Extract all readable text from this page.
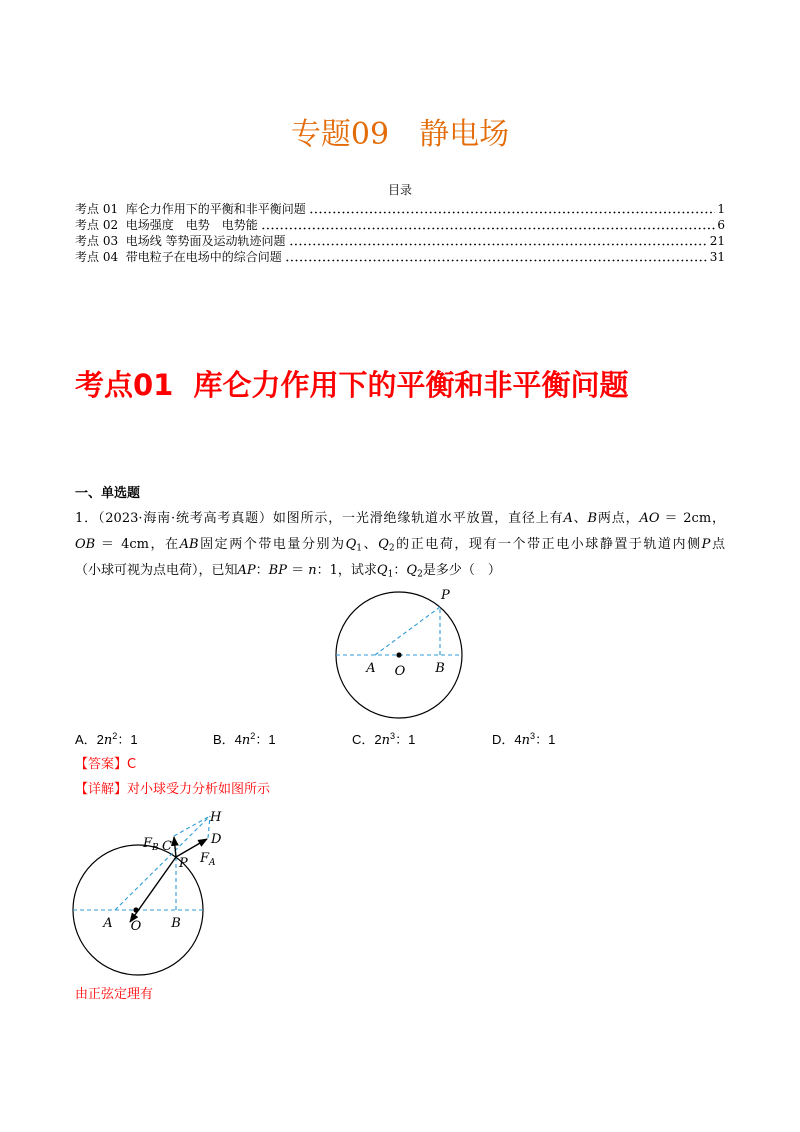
专题09　静电场
目录
考点 01  库仑力作用下的平衡和非平衡问题	1
考点 02  电场强度　电势　电势能	6
考点 03  电场线 等势面及运动轨迹问题	21
考点 04  带电粒子在电场中的综合问题	31
考点01  库仑力作用下的平衡和非平衡问题
一、单选题
1．（2023·海南·统考高考真题）如图所示，一光滑绝缘轨道水平放置，直径上有A、B两点，AO ＝ 2cm，
OB ＝ 4cm，在AB固定两个带电量分别为$Q_1$、$Q_2$的正电荷，现有一个带正电小球静置于轨道内侧P点
（小球可视为点电荷），已知AP：BP ＝ n：1，试求$Q_1$：$Q_2$是多少（　）
P
A O B
A．$2n^2$：1	B．$4n^2$：1	C．$2n^3$：1	D．$4n^3$：1
【答案】C
【详解】对小球受力分析如图所示
H
C	D
$F_B$
$F_A$
P
A O B
由正弦定理有
